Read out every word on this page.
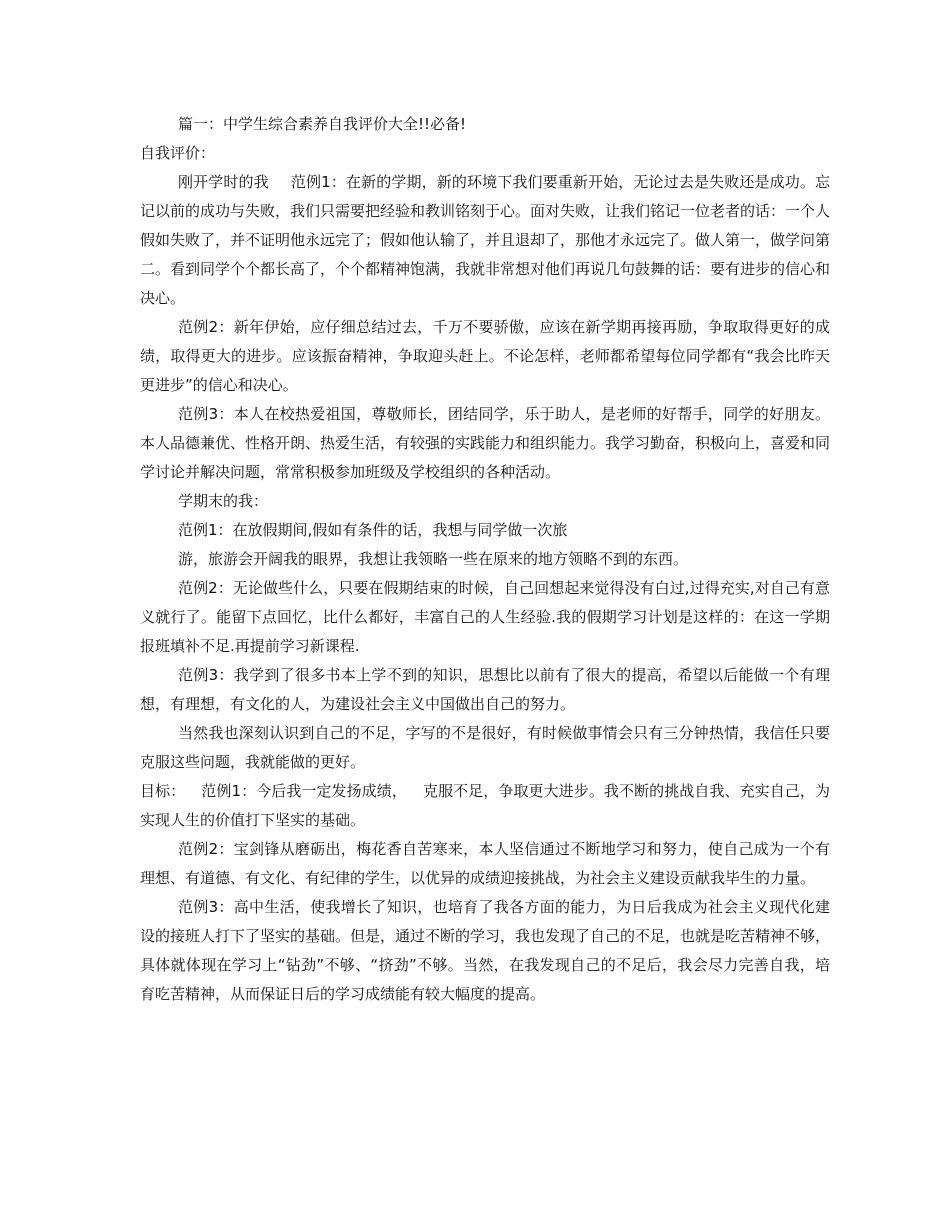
篇一：中学生综合素养自我评价大全!!必备!

自我评价：

刚开学时的我 范例1：在新的学期，新的环境下我们要重新开始，无论过去是失败还是成功。忘记以前的成功与失败，我们只需要把经验和教训铭刻于心。面对失败，让我们铭记一位老者的话：一个人假如失败了，并不证明他永远完了；假如他认输了，并且退却了，那他才永远完了。做人第一，做学问第二。看到同学个个都长高了，个个都精神饱满，我就非常想对他们再说几句鼓舞的话：要有进步的信心和决心。

范例2：新年伊始，应仔细总结过去，千万不要骄傲，应该在新学期再接再励，争取取得更好的成绩，取得更大的进步。应该振奋精神，争取迎头赶上。不论怎样，老师都希望每位同学都有“我会比昨天更进步”的信心和决心。

范例3：本人在校热爱祖国，尊敬师长，团结同学，乐于助人，是老师的好帮手，同学的好朋友。本人品德兼优、性格开朗、热爱生活，有较强的实践能力和组织能力。我学习勤奋，积极向上，喜爱和同学讨论并解决问题，常常积极参加班级及学校组织的各种活动。

学期末的我：

范例1：在放假期间,假如有条件的话，我想与同学做一次旅

游，旅游会开阔我的眼界，我想让我领略一些在原来的地方领略不到的东西。

范例2：无论做些什么，只要在假期结束的时候，自己回想起来觉得没有白过,过得充实,对自己有意义就行了。能留下点回忆，比什么都好，丰富自己的人生经验.我的假期学习计划是这样的：在这一学期报班填补不足.再提前学习新课程.

范例3：我学到了很多书本上学不到的知识，思想比以前有了很大的提高，希望以后能做一个有理想，有理想，有文化的人，为建设社会主义中国做出自己的努力。

当然我也深刻认识到自己的不足，字写的不是很好，有时候做事情会只有三分钟热情，我信任只要克服这些问题，我就能做的更好。

目标： 范例1：今后我一定发扬成绩， 克服不足，争取更大进步。我不断的挑战自我、充实自己，为实现人生的价值打下坚实的基础。

范例2：宝剑锋从磨砺出，梅花香自苦寒来，本人坚信通过不断地学习和努力，使自己成为一个有理想、有道德、有文化、有纪律的学生，以优异的成绩迎接挑战，为社会主义建设贡献我毕生的力量。

范例3：高中生活，使我增长了知识，也培育了我各方面的能力，为日后我成为社会主义现代化建设的接班人打下了坚实的基础。但是，通过不断的学习，我也发现了自己的不足，也就是吃苦精神不够，具体就体现在学习上“钻劲”不够、“挤劲”不够。当然，在我发现自己的不足后，我会尽力完善自我，培育吃苦精神，从而保证日后的学习成绩能有较大幅度的提高。
